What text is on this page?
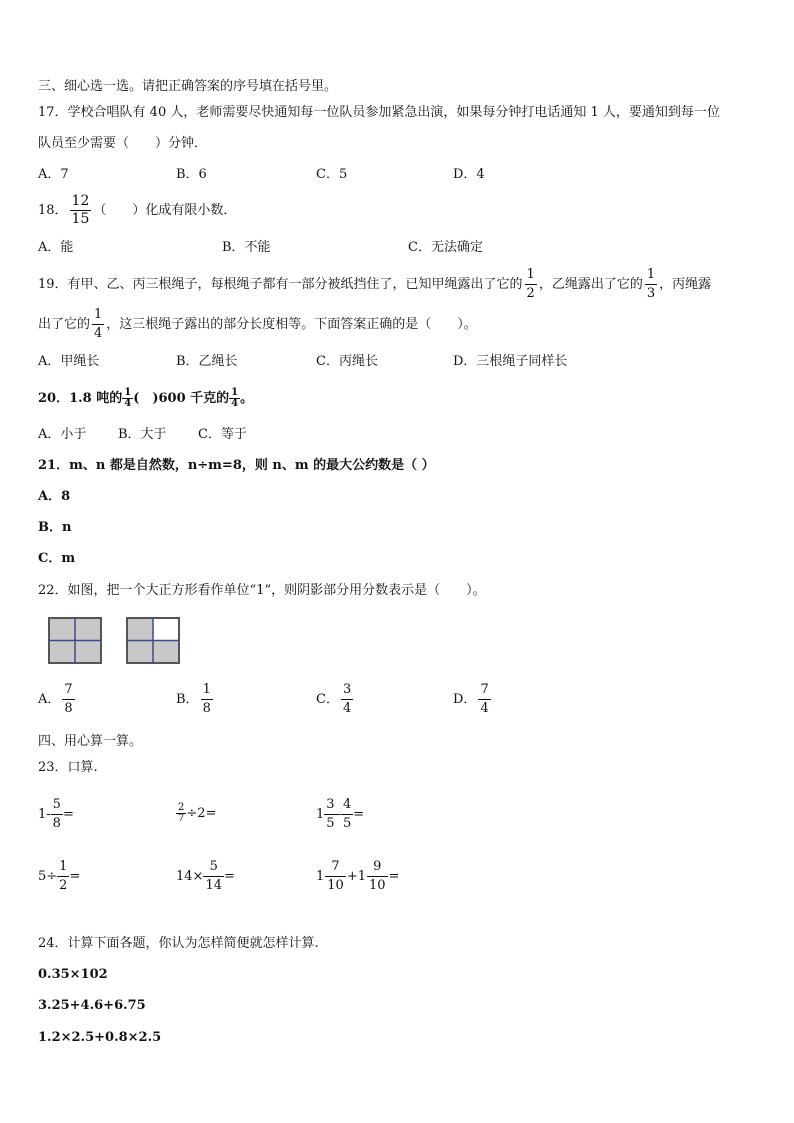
三、细心选一选。请把正确答案的序号填在括号里。
17．学校合唱队有 40 人，老师需要尽快通知每一位队员参加紧急出演，如果每分钟打电话通知 1 人，要通知到每一位
队员至少需要（　　）分钟．
A．7	B．6	C．5	D．4
18． $\frac{12}{15}$ （　　）化成有限小数．
A．能	B．不能	C．无法确定
19．有甲、乙、丙三根绳子，每根绳子都有一部分被纸挡住了，已知甲绳露出了它的 $\frac{1}{2}$ ，乙绳露出了它的 $\frac{1}{3}$ ，丙绳露
出了它的 $\frac{1}{4}$ ，这三根绳子露出的部分长度相等。下面答案正确的是（　　）。
A．甲绳长	B．乙绳长	C．丙绳长	D．三根绳子同样长
20．1.8 吨的 $\frac{1}{4}$ (　)600 千克的 $\frac{1}{4}$ 。
A．小于 B．大于 C．等于
21．m、n 都是自然数，n÷m=8，则 n、m 的最大公约数是（ ）
A．8
B．n
C．m
22．如图，把一个大正方形看作单位“1”，则阴影部分用分数表示是（　　）。
A． $\frac{7}{8}$	B． $\frac{1}{8}$	C． $\frac{3}{4}$	D． $\frac{7}{4}$
四、用心算一算。
23．口算.
$1- \frac{5}{8}$ =	$\frac{2}{7} \div 2=$	$1 \frac{3}{5} - \frac{4}{5}$ =
$5\div \frac{1}{2}$ =	$14\times \frac{5}{14}$ =	$1 \frac{7}{10} +1 \frac{9}{10}$ =
24．计算下面各题，你认为怎样简便就怎样计算.
0.35×102
3.25+4.6+6.75
1.2×2.5+0.8×2.5
